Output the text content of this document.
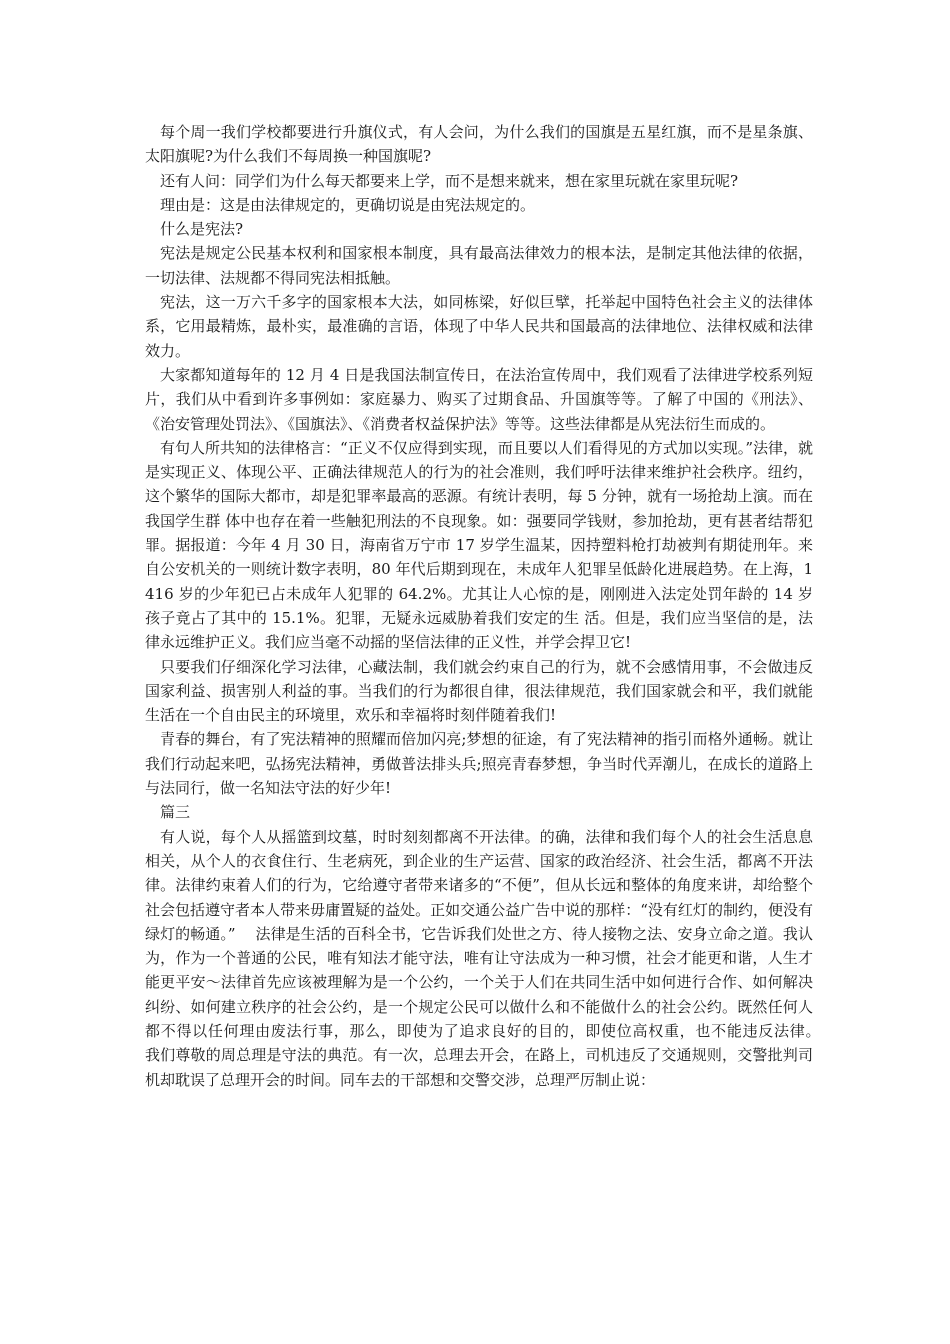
每个周一我们学校都要进行升旗仪式，有人会问，为什么我们的国旗是五星红旗，而不是星条旗、太阳旗呢?为什么我们不每周换一种国旗呢?

还有人问：同学们为什么每天都要来上学，而不是想来就来，想在家里玩就在家里玩呢?

理由是：这是由法律规定的，更确切说是由宪法规定的。

什么是宪法?

宪法是规定公民基本权利和国家根本制度，具有最高法律效力的根本法，是制定其他法律的依据，一切法律、法规都不得同宪法相抵触。

宪法，这一万六千多字的国家根本大法，如同栋梁，好似巨擘，托举起中国特色社会主义的法律体系，它用最精炼，最朴实，最准确的言语，体现了中华人民共和国最高的法律地位、法律权威和法律效力。

大家都知道每年的 12 月 4 日是我国法制宣传日，在法治宣传周中，我们观看了法律进学校系列短片，我们从中看到许多事例如：家庭暴力、购买了过期食品、升国旗等等。了解了中国的《刑法》、《治安管理处罚法》、《国旗法》、《消费者权益保护法》等等。这些法律都是从宪法衍生而成的。

有句人所共知的法律格言：“正义不仅应得到实现，而且要以人们看得见的方式加以实现。”法律，就是实现正义、体现公平、正确法律规范人的行为的社会准则，我们呼吁法律来维护社会秩序。纽约，这个繁华的国际大都市，却是犯罪率最高的恶源。有统计表明，每 5 分钟，就有一场抢劫上演。而在我国学生群 体中也存在着一些触犯刑法的不良现象。如：强要同学钱财，参加抢劫，更有甚者结帮犯罪。据报道：今年 4 月 30 日，海南省万宁市 17 岁学生温某，因持塑料枪打劫被判有期徒刑年。来自公安机关的一则统计数字表明，80 年代后期到现在，未成年人犯罪呈低龄化进展趋势。在上海，1416 岁的少年犯已占未成年人犯罪的 64.2%。尤其让人心惊的是，刚刚进入法定处罚年龄的 14 岁孩子竟占了其中的 15.1%。犯罪，无疑永远威胁着我们安定的生 活。但是，我们应当坚信的是，法律永远维护正义。我们应当毫不动摇的坚信法律的正义性，并学会捍卫它!

只要我们仔细深化学习法律，心藏法制，我们就会约束自己的行为，就不会感情用事，不会做违反国家利益、损害别人利益的事。当我们的行为都很自律，很法律规范，我们国家就会和平，我们就能生活在一个自由民主的环境里，欢乐和幸福将时刻伴随着我们!

青春的舞台，有了宪法精神的照耀而倍加闪亮;梦想的征途，有了宪法精神的指引而格外通畅。就让我们行动起来吧，弘扬宪法精神，勇做普法排头兵;照亮青春梦想，争当时代弄潮儿，在成长的道路上与法同行，做一名知法守法的好少年!

篇三

有人说，每个人从摇篮到坟墓，时时刻刻都离不开法律。的确，法律和我们每个人的社会生活息息相关，从个人的衣食住行、生老病死，到企业的生产运营、国家的政治经济、社会生活，都离不开法律。法律约束着人们的行为，它给遵守者带来诸多的“不便”，但从长远和整体的角度来讲，却给整个社会包括遵守者本人带来毋庸置疑的益处。正如交通公益广告中说的那样：“没有红灯的制约，便没有绿灯的畅通。”　 法律是生活的百科全书，它告诉我们处世之方、待人接物之法、安身立命之道。我认为，作为一个普通的公民，唯有知法才能守法，唯有让守法成为一种习惯，社会才能更和谐，人生才能更平安～法律首先应该被理解为是一个公约，一个关于人们在共同生活中如何进行合作、如何解决纠纷、如何建立秩序的社会公约，是一个规定公民可以做什么和不能做什么的社会公约。既然任何人都不得以任何理由废法行事，那么，即使为了追求良好的目的，即使位高权重，也不能违反法律。　 我们尊敬的周总理是守法的典范。有一次，总理去开会，在路上，司机违反了交通规则，交警批判司机却耽误了总理开会的时间。同车去的干部想和交警交涉，总理严厉制止说：
